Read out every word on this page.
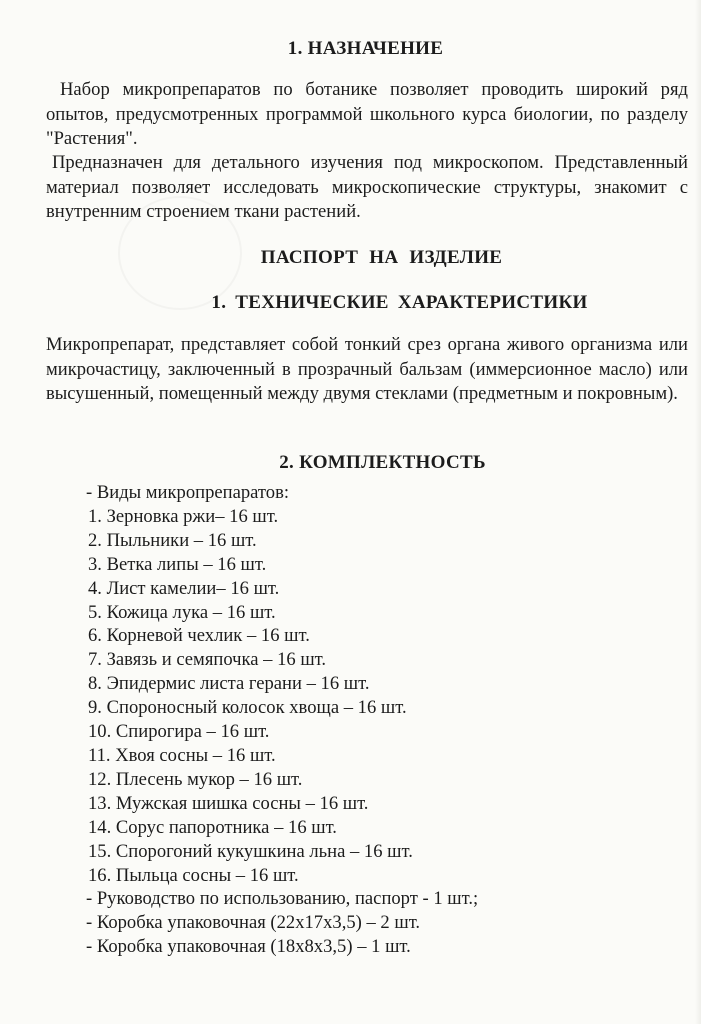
1. НАЗНАЧЕНИЕ
Набор микропрепаратов по ботанике позволяет проводить широкий ряд опытов, предусмотренных программой школьного курса биологии, по разделу "Растения".
Предназначен для детального изучения под микроскопом. Представленный материал позволяет исследовать микроскопические структуры, знакомит с внутренним строением ткани растений.
ПАСПОРТ НА ИЗДЕЛИЕ
1. ТЕХНИЧЕСКИЕ ХАРАКТЕРИСТИКИ
Микропрепарат, представляет собой тонкий срез органа живого организма или микрочастицу, заключенный в прозрачный бальзам (иммерсионное масло) или высушенный, помещенный между двумя стеклами (предметным и покровным).
2. КОМПЛЕКТНОСТЬ
- Виды микропрепаратов:
1. Зерновка ржи– 16 шт.
2. Пыльники – 16 шт.
3. Ветка липы – 16 шт.
4. Лист камелии– 16 шт.
5. Кожица лука – 16 шт.
6. Корневой чехлик – 16 шт.
7. Завязь и семяпочка – 16 шт.
8. Эпидермис листа герани – 16 шт.
9. Спороносный колосок хвоща – 16 шт.
10. Спирогира – 16 шт.
11. Хвоя сосны – 16 шт.
12. Плесень мукор – 16 шт.
13. Мужская шишка сосны – 16 шт.
14. Сорус папоротника – 16 шт.
15. Спорогоний кукушкина льна – 16 шт.
16. Пыльца сосны – 16 шт.
- Руководство по использованию, паспорт - 1 шт.;
- Коробка упаковочная (22x17x3,5) – 2 шт.
- Коробка упаковочная (18x8x3,5) – 1 шт.
